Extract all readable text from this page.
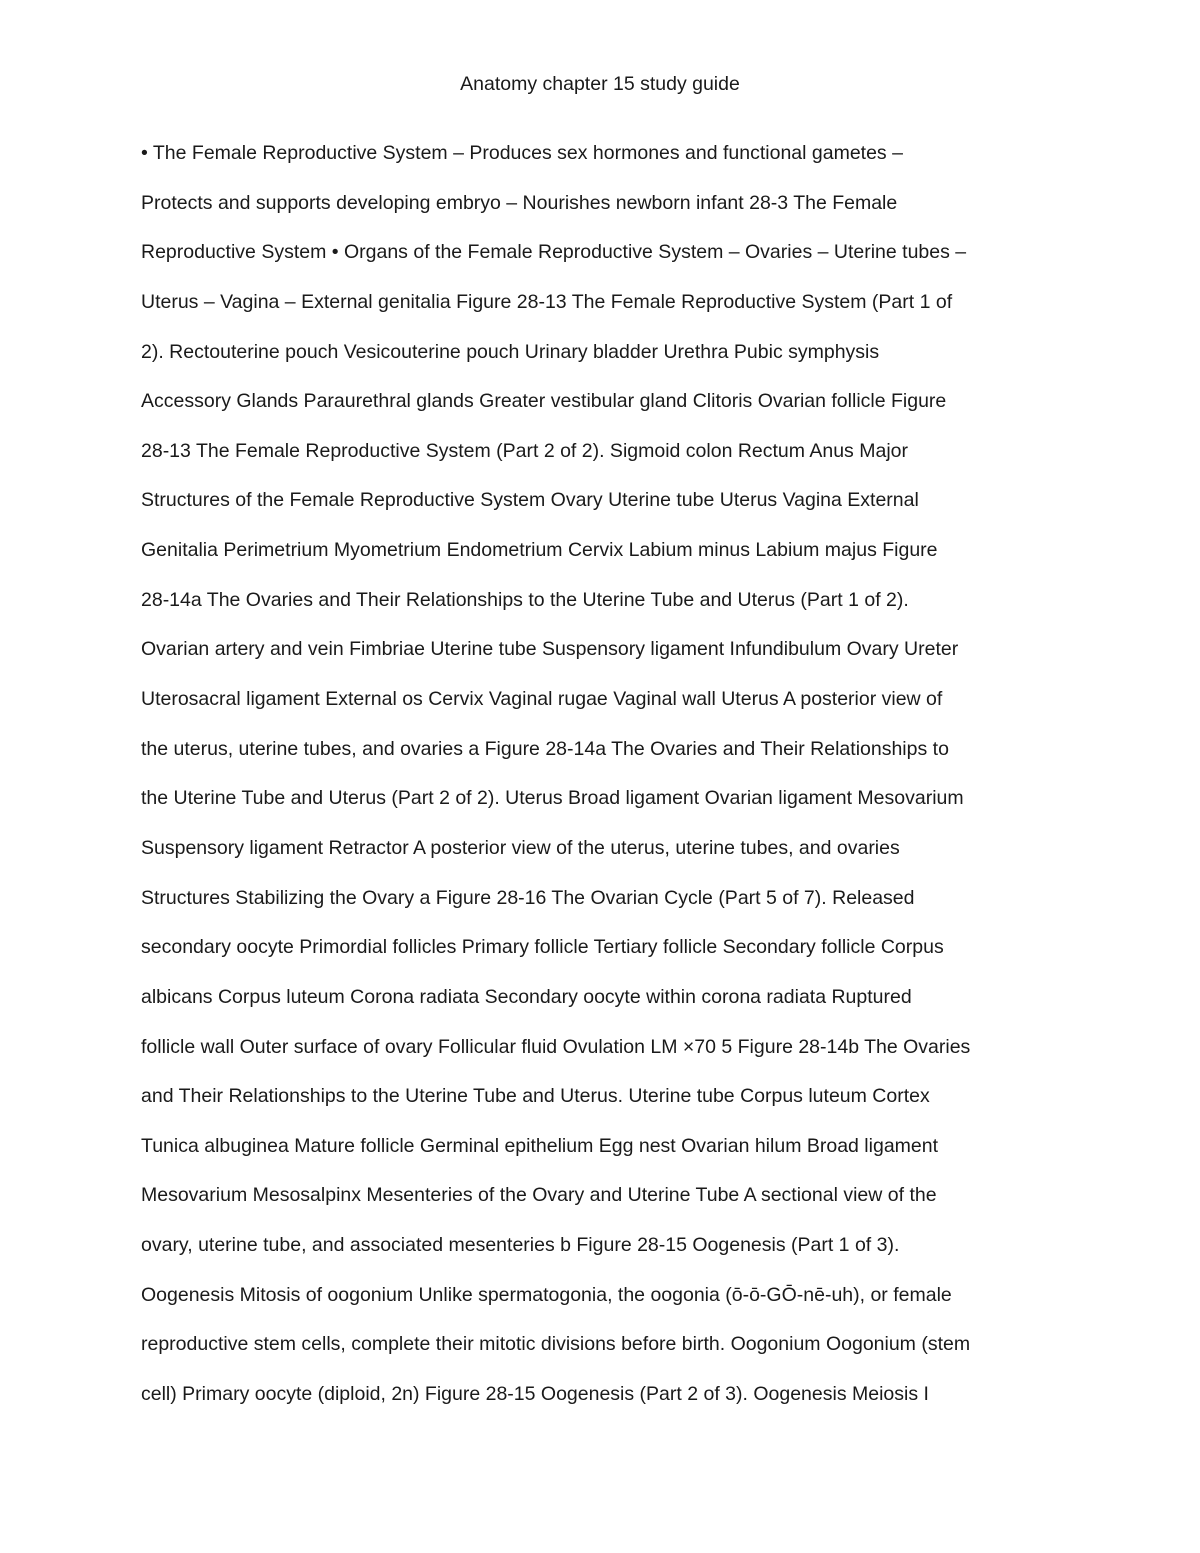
Anatomy chapter 15 study guide
• The Female Reproductive System – Produces sex hormones and functional gametes –
Protects and supports developing embryo – Nourishes newborn infant 28-3 The Female
Reproductive System • Organs of the Female Reproductive System – Ovaries – Uterine tubes –
Uterus – Vagina – External genitalia Figure 28-13 The Female Reproductive System (Part 1 of
2). Rectouterine pouch Vesicouterine pouch Urinary bladder Urethra Pubic symphysis
Accessory Glands Paraurethral glands Greater vestibular gland Clitoris Ovarian follicle Figure
28-13 The Female Reproductive System (Part 2 of 2). Sigmoid colon Rectum Anus Major
Structures of the Female Reproductive System Ovary Uterine tube Uterus Vagina External
Genitalia Perimetrium Myometrium Endometrium Cervix Labium minus Labium majus Figure
28-14a The Ovaries and Their Relationships to the Uterine Tube and Uterus (Part 1 of 2).
Ovarian artery and vein Fimbriae Uterine tube Suspensory ligament Infundibulum Ovary Ureter
Uterosacral ligament External os Cervix Vaginal rugae Vaginal wall Uterus A posterior view of
the uterus, uterine tubes, and ovaries a Figure 28-14a The Ovaries and Their Relationships to
the Uterine Tube and Uterus (Part 2 of 2). Uterus Broad ligament Ovarian ligament Mesovarium
Suspensory ligament Retractor A posterior view of the uterus, uterine tubes, and ovaries
Structures Stabilizing the Ovary a Figure 28-16 The Ovarian Cycle (Part 5 of 7). Released
secondary oocyte Primordial follicles Primary follicle Tertiary follicle Secondary follicle Corpus
albicans Corpus luteum Corona radiata Secondary oocyte within corona radiata Ruptured
follicle wall Outer surface of ovary Follicular fluid Ovulation LM ×70 5 Figure 28-14b The Ovaries
and Their Relationships to the Uterine Tube and Uterus. Uterine tube Corpus luteum Cortex
Tunica albuginea Mature follicle Germinal epithelium Egg nest Ovarian hilum Broad ligament
Mesovarium Mesosalpinx Mesenteries of the Ovary and Uterine Tube A sectional view of the
ovary, uterine tube, and associated mesenteries b Figure 28-15 Oogenesis (Part 1 of 3).
Oogenesis Mitosis of oogonium Unlike spermatogonia, the oogonia (ō-ō-GŌ-nē-uh), or female
reproductive stem cells, complete their mitotic divisions before birth. Oogonium Oogonium (stem
cell) Primary oocyte (diploid, 2n) Figure 28-15 Oogenesis (Part 2 of 3). Oogenesis Meiosis I
